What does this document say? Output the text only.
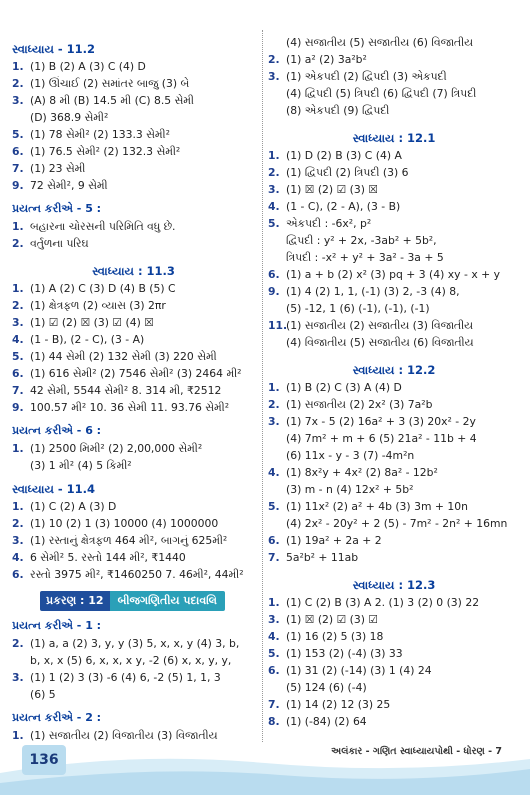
સ્વાધ્યાય - 11.2
1. (1) B (2) A (3) C (4) D
2. (1) ઊંચાઈ (2) સમાંતર બાજુ (3) બે
3. (A) 8 મી (B) 14.5 મી (C) 8.5 સેમી
(D) 368.9 સેમી²
5. (1) 78 સેમી² (2) 133.3 સેમી²
6. (1) 76.5 સેમી² (2) 132.3 સેમી²
7. (1) 23 સેમી
9. 72 સેમી², 9 સેમી
પ્રયત્ન કરીએ - 5 :
1. બહારના ચોરસની પરિમિતિ વધુ છે.
2. વર્તુળના પરિઘ
સ્વાધ્યાય : 11.3
1. (1) A (2) C (3) D (4) B (5) C
2. (1) ક્ષેત્રફળ (2) વ્યાસ (3) 2πr
3. (1) ☑ (2) ☒ (3) ☑ (4) ☒
4. (1 - B), (2 - C), (3 - A)
5. (1) 44 સેમી (2) 132 સેમી (3) 220 સેમી
6. (1) 616 સેમી² (2) 7546 સેમી² (3) 2464 મી²
7. 42 સેમી, 5544 સેમી² 8. 314 મી, ₹2512
9. 100.57 મી² 10. 36 સેમી 11. 93.76 સેમી²
પ્રયત્ન કરીએ - 6 :
1. (1) 2500 મિમી² (2) 2,00,000 સેમી²
(3) 1 મી² (4) 5 કિમી²
સ્વાધ્યાય - 11.4
1. (1) C (2) A (3) D
2. (1) 10 (2) 1 (3) 10000 (4) 1000000
3. (1) રસ્તાનું ક્ષેત્રફળ 464 મી², બાગનું 625મી²
4. 6 સેમી² 5. રસ્તો 144 મી², ₹1440
6. રસ્તો 3975 મી², ₹1460250 7. 46મી², 44મી²
પ્રકરણ : 12	બીજગણિતીય પદાવલિ
પ્રયત્ન કરીએ - 1 :
2. (1) a, a (2) 3, y, y (3) 5, x, x, y (4) 3, b,
b, x, x (5) 6, x, x, x y, -2 (6) x, x, y, y,
3. (1) 1 (2) 3 (3) -6 (4) 6, -2 (5) 1, 1, 3
(6) 5
પ્રયત્ન કરીએ - 2 :
1. (1) સજાતીય (2) વિજાતીય (3) વિજાતીય
(4) સજાતીય (5) સજાતીય (6) વિજાતીય
2. (1) a² (2) 3a²b²
3. (1) એકપદી (2) દ્વિપદી (3) એકપદી
(4) દ્વિપદી (5) ત્રિપદી (6) દ્વિપદી (7) ત્રિપદી
(8) એકપદી (9) દ્વિપદી
સ્વાધ્યાય : 12.1
1. (1) D (2) B (3) C (4) A
2. (1) દ્વિપદી (2) ત્રિપદી (3) 6
3. (1) ☒ (2) ☑ (3) ☒
4. (1 - C), (2 - A), (3 - B)
5. એકપદી : -6x², p²
દ્વિપદી : y² + 2x, -3ab² + 5b²,
ત્રિપદી : -x² + y² + 3a² - 3a + 5
6. (1) a + b (2) x² (3) pq + 3 (4) xy - x + y
9. (1) 4 (2) 1, 1, (-1) (3) 2, -3 (4) 8,
(5) -12, 1 (6) (-1), (-1), (-1)
11.
(1) સજાતીય (2) સજાતીય (3) વિજાતીય
(4) વિજાતીય (5) સજાતીય (6) વિજાતીય
સ્વાધ્યાય : 12.2
1. (1) B (2) C (3) A (4) D
2. (1) સજાતીય (2) 2x² (3) 7a²b
3. (1) 7x - 5 (2) 16a² + 3 (3) 20x² - 2y
(4) 7m² + m + 6 (5) 21a² - 11b + 4
(6) 11x - y - 3 (7) -4m²n
4. (1) 8x²y + 4x² (2) 8a² - 12b²
(3) m - n (4) 12x² + 5b²
5. (1) 11x² (2) a² + 4b (3) 3m + 10n
(4) 2x² - 20y² + 2 (5) - 7m² - 2n² + 16mn
6. (1) 19a² + 2a + 2
7. 5a²b² + 11ab
સ્વાધ્યાય : 12.3
1. (1) C (2) B (3) A 2. (1) 3 (2) 0 (3) 22
3. (1) ☒ (2) ☑ (3) ☑
4. (1) 16 (2) 5 (3) 18
5. (1) 153 (2) (-4) (3) 33
6. (1) 31 (2) (-14) (3) 1 (4) 24
(5) 124 (6) (-4)
7. (1) 14 (2) 12 (3) 25
8. (1) (-84) (2) 64
136
અલંકાર - ગણિત સ્વાધ્યાયપોથી - ધોરણ - 7
